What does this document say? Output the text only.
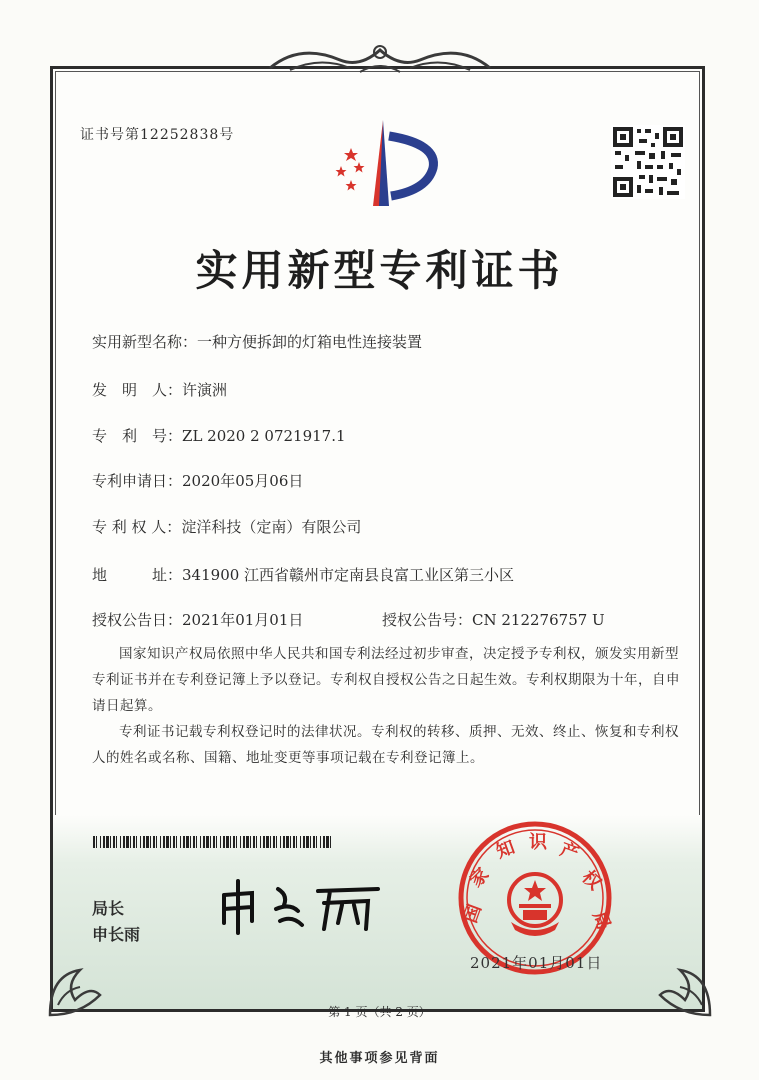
证书号第12252838号
实用新型专利证书
实用新型名称：一种方便拆卸的灯箱电性连接装置
发　明　人：许演洲
专　利　号：ZL 2020 2 0721917.1
专利申请日：2020年05月06日
专 利 权 人：淀洋科技（定南）有限公司
地　　　址：341900 江西省赣州市定南县良富工业区第三小区
授权公告日：2021年01月01日	授权公告号：CN 212276757 U

国家知识产权局依照中华人民共和国专利法经过初步审查，决定授予专利权，颁发实用新型专利证书并在专利登记簿上予以登记。专利权自授权公告之日起生效。专利权期限为十年，自申请日起算。

专利证书记载专利权登记时的法律状况。专利权的转移、质押、无效、终止、恢复和专利权人的姓名或名称、国籍、地址变更等事项记载在专利登记簿上。

局长
申长雨
国
家
知 识 产
权
局
2021年01月01日
第 1 页（共 2 页）
其他事项参见背面
